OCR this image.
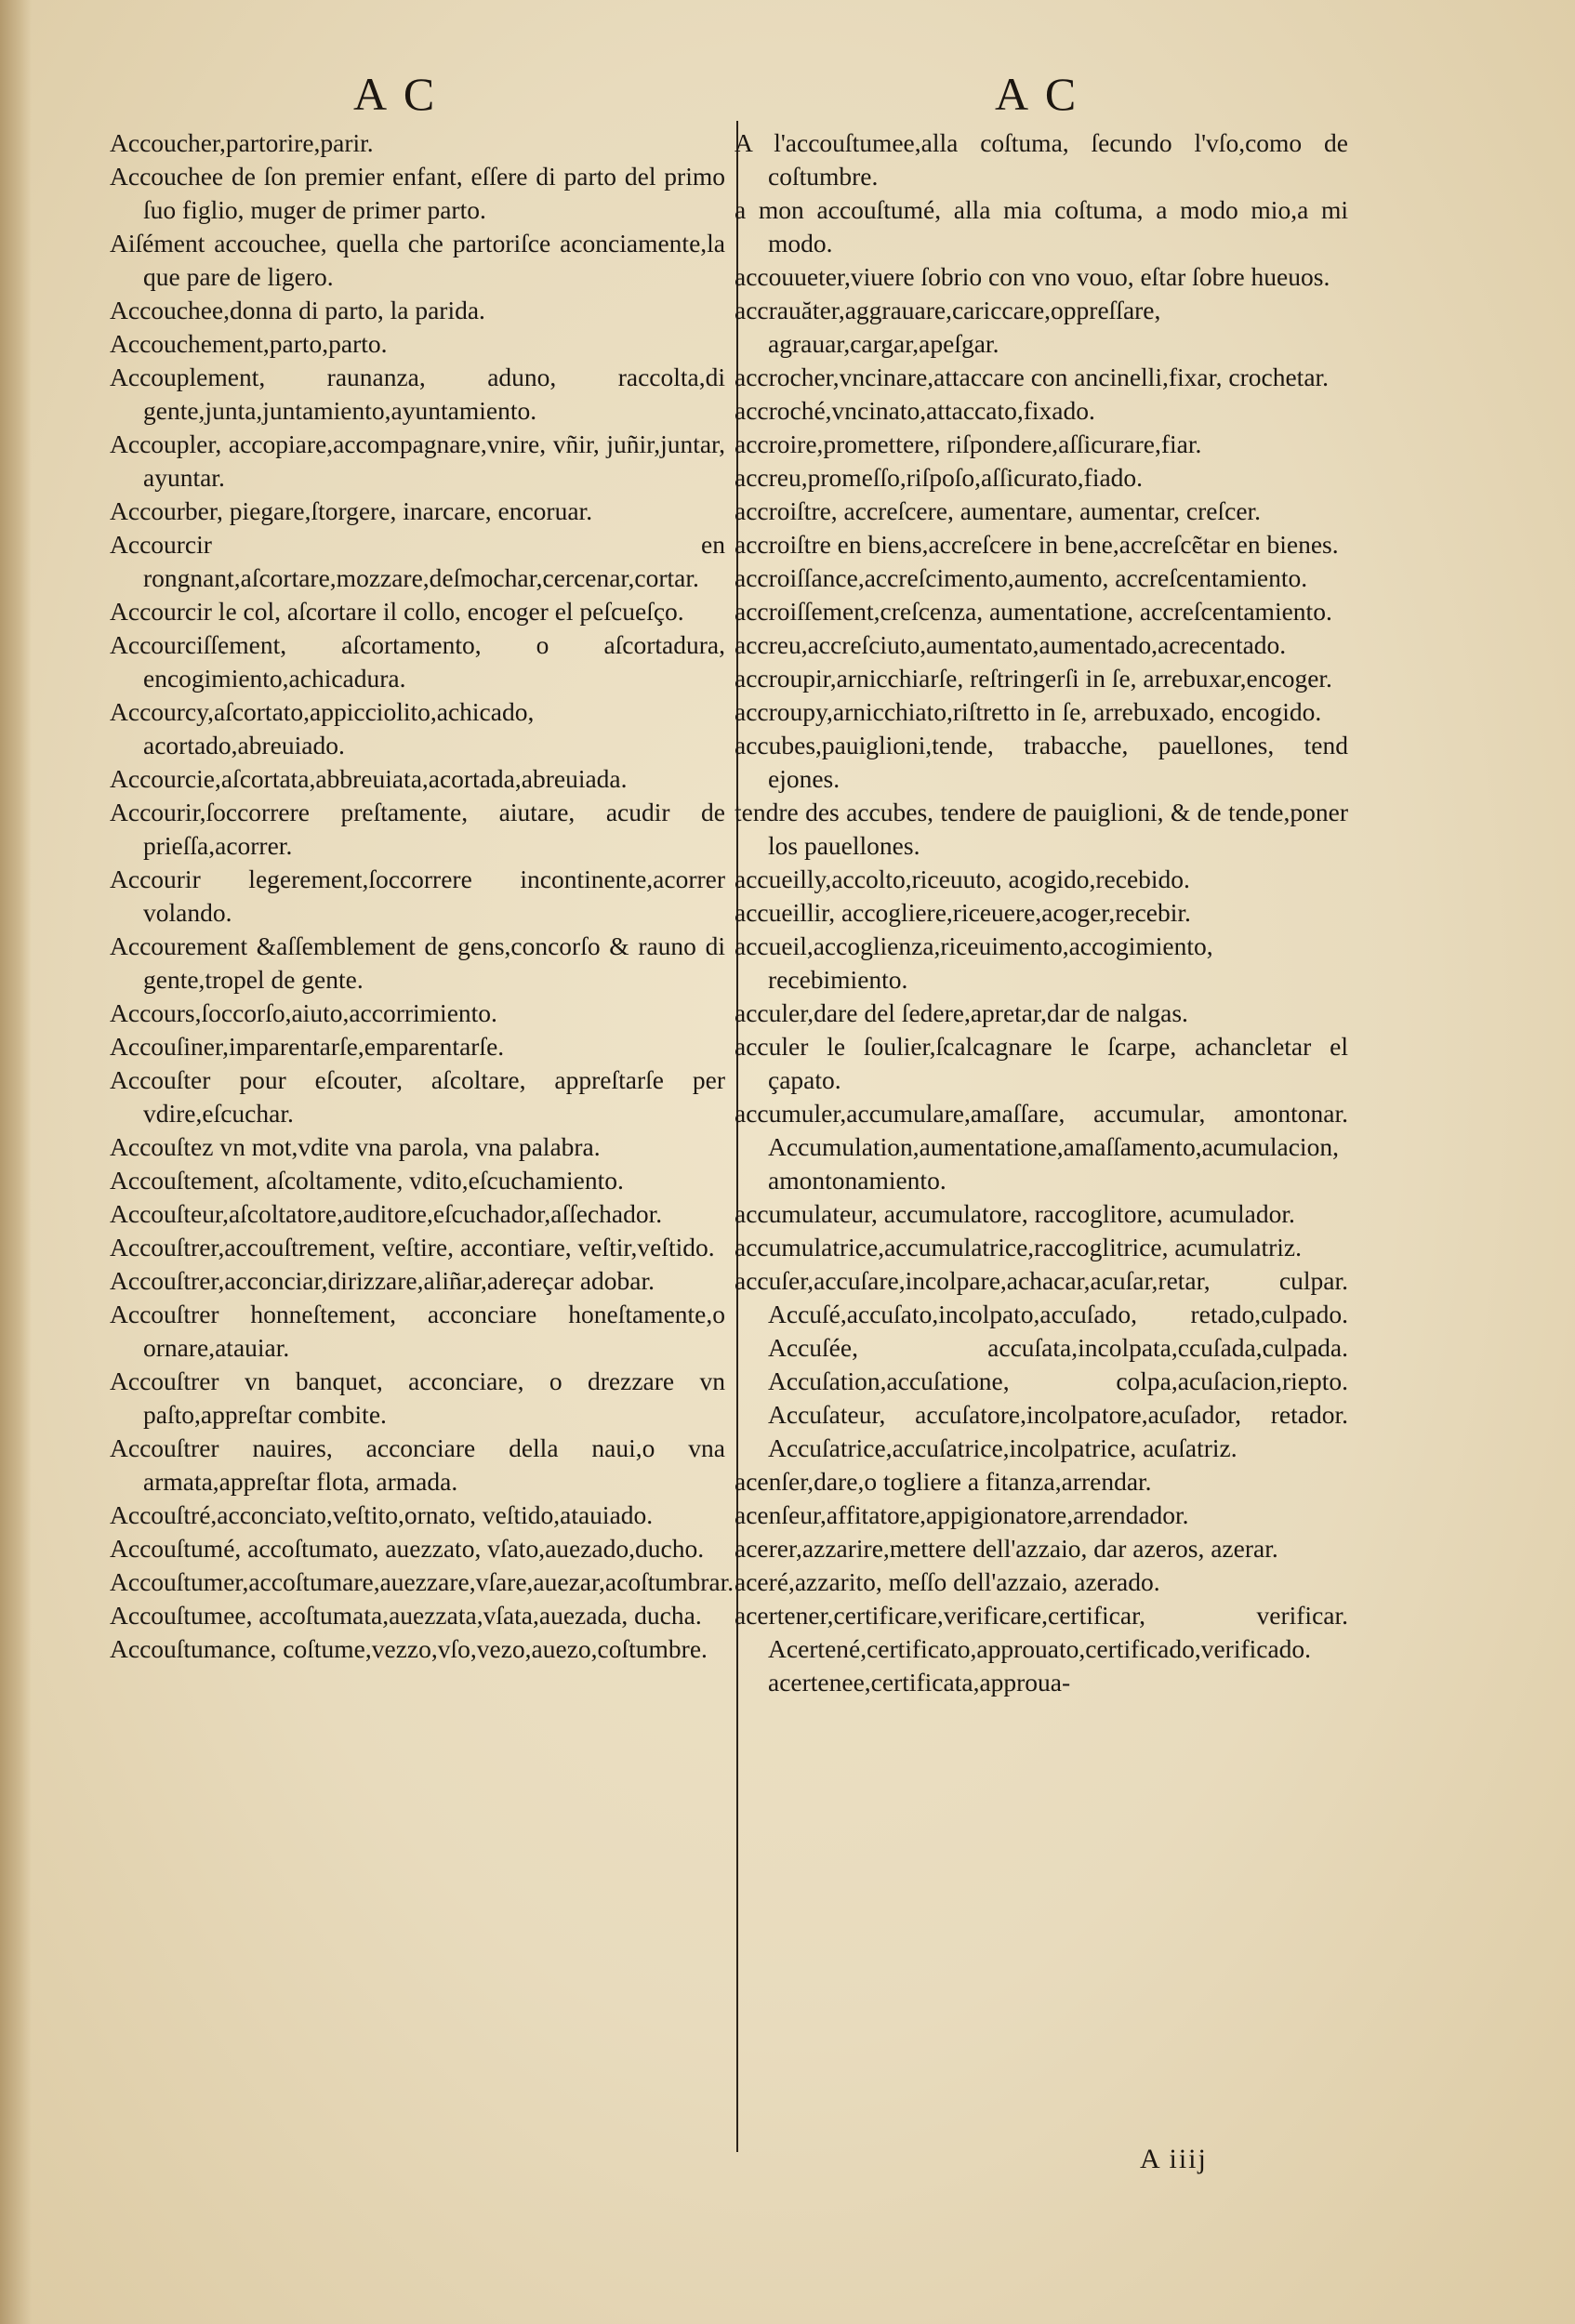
A C	A C

Accoucher,partorire,parir.

Accouchee de ſon premier enfant, eſſere di parto del primo ſuo figlio, muger de primer parto.

Aiſément accouchee, quella che partoriſce aconciamente,la que pare de ligero.

Accouchee,donna di parto, la parida.

Accouchement,parto,parto.

Accouplement, raunanza, aduno, raccolta,di gente,junta,juntamiento,ayuntamiento.

Accoupler, accopiare,accompagnare,vnire, vñir, juñir,juntar, ayuntar.

Accourber, piegare,ſtorgere, inarcare, encoruar.

Accourcir en rongnant,aſcortare,mozzare,deſmochar,cercenar,cortar.

Accourcir le col, aſcortare il collo, encoger el peſcueſço.

Accourciſſement, aſcortamento, o aſcortadura, encogimiento,achicadura.

Accourcy,aſcortato,appicciolito,achicado, acortado,abreuiado.

Accourcie,aſcortata,abbreuiata,acortada,abreuiada.

Accourir,ſoccorrere preſtamente, aiutare, acudir de prieſſa,acorrer.

Accourir legerement,ſoccorrere incontinente,acorrer volando.

Accourement &aſſemblement de gens,concorſo & rauno di gente,tropel de gente.

Accours,ſoccorſo,aiuto,accorrimiento.

Accouſiner,imparentarſe,emparentarſe.

Accouſter pour eſcouter, aſcoltare, appreſtarſe per vdire,eſcuchar.

Accouſtez vn mot,vdite vna parola, vna palabra.

Accouſtement, aſcoltamente, vdito,eſcuchamiento.

Accouſteur,aſcoltatore,auditore,eſcuchador,aſſechador.

Accouſtrer,accouſtrement, veſtire, accontiare, veſtir,veſtido.

Accouſtrer,acconciar,dirizzare,aliñar,adereçar adobar.

Accouſtrer honneſtement, acconciare honeſtamente,o ornare,atauiar.

Accouſtrer vn banquet, acconciare, o drezzare vn paſto,appreſtar combite.

Accouſtrer nauires, acconciare della naui,o vna armata,appreſtar flota, armada.

Accouſtré,acconciato,veſtito,ornato, veſtido,atauiado.

Accouſtumé, accoſtumato, auezzato, vſato,auezado,ducho.

Accouſtumer,accoſtumare,auezzare,vſare,auezar,acoſtumbrar.

Accouſtumee, accoſtumata,auezzata,vſata,auezada, ducha.

Accouſtumance, coſtume,vezzo,vſo,vezo,auezo,coſtumbre.

A l'accouſtumee,alla coſtuma, ſecundo l'vſo,como de coſtumbre.

a mon accouſtumé, alla mia coſtuma, a modo mio,a mi modo.

accouueter,viuere ſobrio con vno vouo, eſtar ſobre hueuos.

accrauăter,aggrauare,cariccare,oppreſſare, agrauar,cargar,apeſgar.

accrocher,vncinare,attaccare con ancinelli,fixar, crochetar.

accroché,vncinato,attaccato,fixado.

accroire,promettere, riſpondere,aſſicurare,fiar.

accreu,promeſſo,riſpoſo,aſſicurato,fiado.

accroiſtre, accreſcere, aumentare, aumentar, creſcer.

accroiſtre en biens,accreſcere in bene,accreſcẽtar en bienes.

accroiſſance,accreſcimento,aumento, accreſcentamiento.

accroiſſement,creſcenza, aumentatione, accreſcentamiento.

accreu,accreſciuto,aumentato,aumentado,acrecentado.

accroupir,arnicchiarſe, reſtringerſi in ſe, arrebuxar,encoger.

accroupy,arnicchiato,riſtretto in ſe, arrebuxado, encogido.

accubes,pauiglioni,tende, trabacche, pauellones, tend ejones.

tendre des accubes, tendere de pauiglioni, & de tende,poner los pauellones.

accueilly,accolto,riceuuto, acogido,recebido.

accueillir, accogliere,riceuere,acoger,recebir.

accueil,accoglienza,riceuimento,accogimiento, recebimiento.

acculer,dare del ſedere,apretar,dar de nalgas.

acculer le ſoulier,ſcalcagnare le ſcarpe, achancletar el çapato.

accumuler,accumulare,amaſſare, accumular, amontonar. Accumulation,aumentatione,amaſſamento,acumulacion, amontonamiento.

accumulateur, accumulatore, raccoglitore, acumulador.

accumulatrice,accumulatrice,raccoglitrice, acumulatriz.

accuſer,accuſare,incolpare,achacar,acuſar,retar, culpar. Accuſé,accuſato,incolpato,accuſado, retado,culpado. Accuſée, accuſata,incolpata,ccuſada,culpada. Accuſation,accuſatione, colpa,acuſacion,riepto. Accuſateur, accuſatore,incolpatore,acuſador, retador. Accuſatrice,accuſatrice,incolpatrice, acuſatriz.

acenſer,dare,o togliere a fitanza,arrendar.

acenſeur,affitatore,appigionatore,arrendador.

acerer,azzarire,mettere dell'azzaio, dar azeros, azerar.

aceré,azzarito, meſſo dell'azzaio, azerado.

acertener,certificare,verificare,certificar, verificar. Acertené,certificato,approuato,certificado,verificado. acertenee,certificata,approua-

A iiij
